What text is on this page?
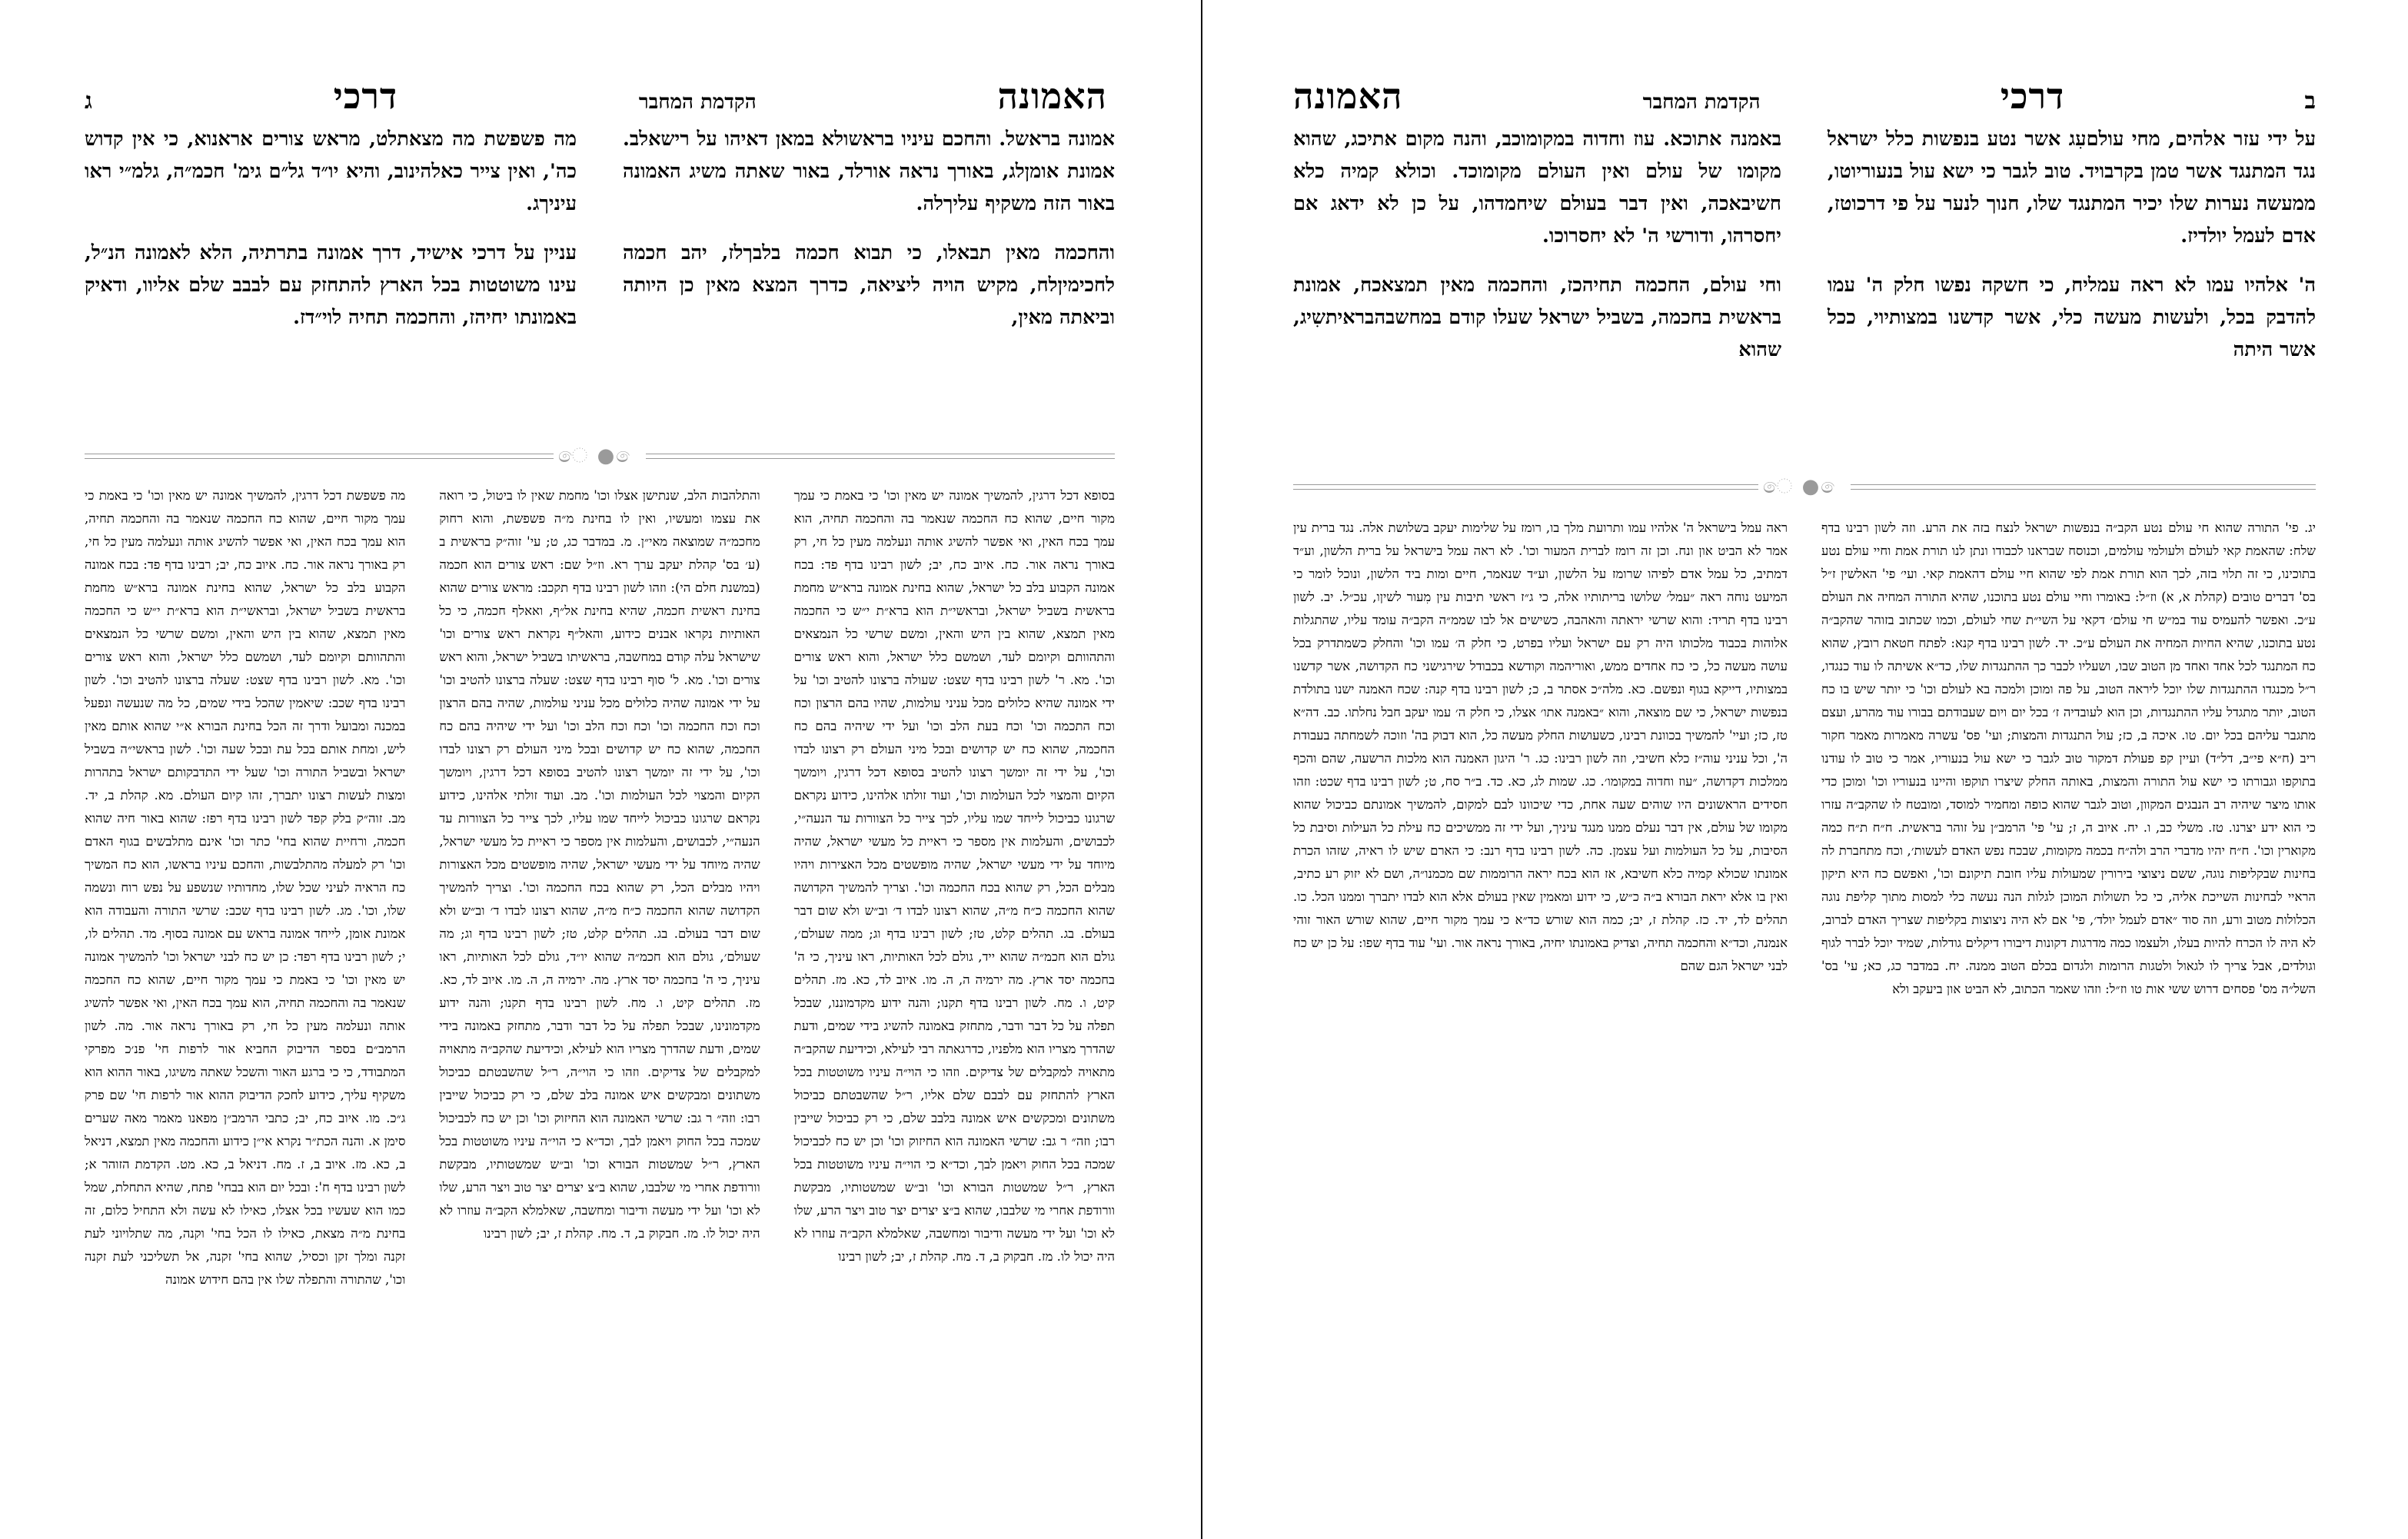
ב
דרכי
הקדמת המחבר
האמונה

על ידי עזר אלהים, מחי עולםעִג אשר נטע בנפשות כלל ישראל נגד המתנגד אשר טמן בקרבויד. טוב לגבר כי ישא עול בנעוריוטו, ממעשה נערות שלו יכיר המתנגד שלו, חנוך לנער על פי דרכוטז, אדם לעמל יולדיז.

ה' אלהיו עמו לא ראה עמליח, כי חשקה נפשו חלק ה' עמו להדבק בכל, ולעשות מעשה כלי, אשר קדשנו במצותיוי, ככל אשר היתה

באמנה אתוכא. עוז וחדוה במקומוכב, והנה מקום אתיכג, שהוא מקומו של עולם ואין העולם מקומוכד. וכולא קמיה כלא חשיבאכה, ואין דבר בעולם שיחמדהו, על כן לא ידאג אם יחסרהו, ודורשי ה' לא יחסרוכו.

וחי עולם, החכמה תחיהכז, והחכמה מאין תמצאכח, אמונת בראשית בחכמה, בשביל ישראל שעלו קודם במחשבהבראיתשִיג, שהוא

ෙ ● ෙ

יג. פי' התורה שהוא חי עולם נטע הקב״ה בנפשות ישראל לנצח בזה את הרע. וזה לשון רבינו בדף שלח: שהאמת קאי לעולם ולעולמי עולמים, וכנוסח שבראנו לכבודו ונתן לנו תורת אמת וחיי עולם נטע בתוכינו, כי זה תלוי בזה, לכך הוא תורת אמת לפי שהוא חיי עולם דהאמת קאי. ועי׳ פי' האלשין ז״ל בס' דברים טובים (קהלת א, א) וז״ל: באומרו וחיי עולם נטע בתוכנו, שהיא התורה המחיה את העולם ע״כ. ואפשר להעמיס עוד במ״ש חי עולם׳ דקאי על השי״ת שחי לעולם, וכמו שכתוב בזוהר שהקב״ה נטע בתוכנו, שהיא החיות המחיה את העולם ע״כ. יד. לשון רבינו בדף קנא: לפתח חטאת רובץ, שהוא כח המתנגד לכל אחד ואחד מן הטוב שבו, ושעליו לכבר כך ההתנגדות שלו, כד״א אשיתה לו עוד כנגדו, ר״ל מכנגדו ההתנגדות שלו יוכל ליראה הטוב, על פה ומוכן ולמכה בא לעולם וכו' כי יותר שיש בו כח הטוב, יותר מתגדל עליו ההתנגדות, וכן הוא לעובדיה ז׳ בכל יום ויום שעבודתם בבורו עוד מהרע, ועצם מתגבר עליהם בכל יום. טו. איכה ב, כז; עול התנגדות והמצות; ועי' פס' עשרה מאמרות מאמר חקור ריב (ח״א פי״ב, דל״ד) ועיין קפ פעולת דמקור טוב לגבר כי ישא עול בנעוריו, אמר כי טוב לו עודנו בתוקפו וגבורתו כי ישא עול התורה והמצות, באותה החלק שיצרו תוקפו והיינו בנעוריו וכו' ומוכן כדי אותו מיצר שיהיה רב הנבגים המקוון, וטוב לגבר שהוא כופה ומחמיר למוסד, ומובטח לו שהקב״ה עזרו כי הוא ידע יצרנו. טז. משלי כב, ו. יח. איוב ה, ז; עי' פי' הרמב״ן על זוהר בראשית. ח״ח ת״ח כמה מקוארין וכו'. ח״ח יהיו מדברי הרב ולה״ח בכמה מקומות, שבכח נפש האדם לעשות׳, וכח מתחברת לה בחינות שבקליפות נוגה, ששם ניצוצי בירורין שמעולות עליו חובת תיקונם וכו', ואפשם כח היא תיקון הראיי לבחינות השייכת אליה, כי כל תשולות המוכן לגלות הנה נעשה כלי למסות מתוך קליפת נוגה הכלולות מטוב ורע, וזה סוד ״אדם לעמל יולד׳, פי' אם לא היה ניצוצות בקליפות שצריך האדם לברוב, לא היה לו הכרח להיות בעלו, ולעצמו כמה מדרגות דקונות דיבורו דיקלים גודלות, שמיד יוכל לברר לגוף וגולדים, אבל צריך לו לגאול ולטגות הרומות ולגדום בכלם הטוב ממנה. יח. במדבר כג, כא; עי' בס' השל״ה מס' פסחים דרוש ששי אות טו וז״ל: וזהו שאמר הכתוב, לא הביט און ביעקב ולא

ראה עמל בישראל ה' אלהיו עמו ותרועת מלך בו, רומז על שלימות יעקב בשלושת אלה. נגד ברית עין אמר לא הביט און ונח. וכן זה רומז לברית המעור וכו'. לא ראה עמל בישראל על ברית הלשון, וע״ד דמתיב, כל עמל אדם לפיהו שרומז על הלשון, וע״ד שנאמר, חיים ומות ביד הלשון, ונוכל לומר כי המיעט נוחה ראה ״עמל׳ שלושו בריתותיו אלה, כי ג״ז ראשי תיבות עין מִעור לשיןו, עכ״ל. יב. לשון רבינו בדף תריד: והוא שרשי יראתה והאהבה, כשישים אל לבו שממ״ה הקב״ה עומד עליו, שהתגלות אלוהות בכבוד מלכותו היה רק עם ישראל ועליו בפרט, כי חלק ה׳ עמו וכו' והחלק כשמתדרק בכל עושה מעשה כל, כי כח אחדים ממש, ואוריהמה וקודשא בכבודל שירגישני כח הקדושה, אשר קדשנו במצותיו, דייקא בגוף ונפשם. כא. מלה״כ אסתר ב, כ; לשון רבינו בדף קנה: שכח האמנה ישנו בתולדת בנפשות ישראל, כי שם מוצאה, והוא ״באמנה אתו׳ אצלו, כי חלק ה׳ עמו יעקב חבל נחלתו. כב. דה״א טז, כז; ועיי' להמשיך בכוונת רבינו, כשעושות החלק מעשה כל, הוא דבוק בה' וזוכה לשמחתה בעבודת ה', וכל עניני עוה״ז כלא חשיבי, וזה לשון רבינו: כג. ר' היגון האמנה הוא מלכות הרשעה, שהם והכף ממלכות דקדושה, ״עוז וחדוה במקומו׳. כג. שמות לג, כא. כד. ב״ר סח, ט; לשון רבינו בדף שכט: וזהו חסידים הראשונים היו שוהים שעה אחת, כדי שיכוונו לבם למקום, להמשיך אמונתם כביכול שהוא מקומו של עולם, אין דבר נעלם ממנו מנגד עיניך, ועל ידי זה ממשיכים כח עילת כל העילות וסיבת כל הסיבות, על כל העולמות ועל עצמן. כה. לשון רבינו בדף רנב: כי הארם שיש לו ראיה, שזהו הכרת אמונתו שכולא קמיה כלא חשיבא, אז הוא בכח יראה הרוממות שם מכמנו״ה, ושם לא יזוק רע כתיב, ואין בו אלא יראת הבורא ב״ה כ״ש, כי ידוע ומאמין שאין בעולם אלא הוא לבדו יתברך וממנו הכל. כו. תהלים לד, יד. כז. קהלת ז, יב; כמה הוא שורש כד״א כי עמך מקור חיים, שהוא שורש האור זוהי אנמנה, וכד״א והחכמה תחיה, וצדיק באמונתו יחיה, באורך נראה אור. ועי' עוד בדף שפו: על כן יש כח לבני ישראל הגם שהם

האמונה
הקדמת המחבר
דרכי
ג

אמונה בראשל. והחכם עיניו בראשולא במאן דאיהו על רישאלב. אמונת אומןלג, באורך נראה אורלד, באור שאתה משיג האמונה באור הזה משקיף עליךלה.

והחכמה מאין תבאלו, כי תבוא חכמה בלבךלז, יהב חכמה לחכימיןלח, מקיש הויה ליציאה, כדרך המצא מאין כן היותה וביאתה מאין,

מה פשפשת מה מצאתלט, מראש צורים אראנוא, כי אין קדוש כה', ואין צייר כאלהינוב, והיא יו״ד גל״ם גימ' חכמ״ה, גלמ״י ראו עיניךג.

עניין על דרכי אישיד, דרך אמונה בתרתיה, הלא לאמונה הנ״ל, עינו משוטטות בכל הארץ להתחזק עם לבבב שלם אליוו, ודאיק באמונתו יחיהז, והחכמה תחיה לוי״דז.

ෙ ● ෙ

בסופא דכל דרגין, להמשיך אמונה יש מאין וכו' כי באמת כי עמך מקור חיים, שהוא כח החכמה שנאמר בה והחכמה תחיה, הוא עמך בכח האין, ואי אפשר להשיג אותה ונעלמה מעין כל חי, רק באורך נראה אור. כח. איוב כח, יב; לשון רבינו בדף פד: בכח אמונה הקבוע בלב כל ישראל, שהוא בחינת אמונה ברא״ש מחמת בראשית בשביל ישראל, ובראשי״ת הוא ברא״ת י״ש כי החכמה מאין תמצא, שהוא בין היש והאין, ומשם שרשי כל הנמצאים והתהוותם וקיומם לעד, ושמשם כלל ישראל, והוא ראש צורים וכו'. מא. ר' לשון רבינו בדף שצט: שעולה ברצונו להטיב וכו' על ידי אמונה שהיא כלולים מכל עניני עולמות, שהיו בהם הרצון וכח וכח התכמה וכו' וכח בעת הלב וכו' ועל ידי שיהיה בהם כח החכמה, שהוא כח יש קדושים ובכל מיני העולם רק רצונו לבדו וכו', על ידי זה יומשך רצונו להטיב בסופא דכל דרגין, ויומשך הקיום והמצוי לכל העולמות וכו', ועוד זולתו אלהינו, כידוע נקראם שרגונו כביכול לייחד שמו עליו, לכך צייר כל הצוורות עד הנעה״י, לכבושים, והעלמות אין מספר כי ראיית כל מעשי ישראל, שהיה מיוחד על ידי מעשי ישראל, שהיה מופשטים מכל האצירות ויהיו מבלים הכל, רק שהוא בכח החכמה וכו'. וצריך להמשיך הקדושה שהוא החכמה כ״ח מ״ה, שהוא רצונו לבדו ד׳ וב״ש ולא שום דבר בעולם. בג. תהלים קלט, טז; לשון רבינו בדף וג; ממה שעולם׳, גולם הוא חכמ״ה שהוא ייד, גולם לכל האותיות, ראו עיניך, כי ה' בחכמה יסד ארץ. מה ירמיה ה, ה. מו. איוב לד, כא. מז. תהלים קיט, ו. מח. לשון רבינו בדף תקנו; והנה ידוע מקדמוננו, שבכל תפלה על כל דבר ודבר, מתחזק באמונה להשיג בידי שמים, ודעת שהדרך מצריו הוא מלפניו, כדרגאתה רבי לעילא, וכידיעת שהקב״ה מתאויה למקבלים של צדיקים. וזהו כי הוי״ה עיניו משוטטות בכל הארץ להתחזק עם לבבם שלם אליו, ר״ל שהשבטתם כביכול משתונים ומכקשים איש אמונה בלבב שלם, כי רק כביכול שייבין רבו; וזה״ ר גב: שרשי האמונה הוא החיזוק וכו' וכן יש כח לכביכול שמכה בכל החוק ויאמן לבך, וכד״א כי הוי״ה עיניו משוטטות בכל הארץ, ר״ל שמשטות הבורא וכו' וב״ש שמשטותיו, מבקשת וורודפת אחרי מי שלבבו, שהוא ב״צ יצרים יצר טוב ויצר הרע, שלו לא וכו' ועל ידי מעשה ודיבור ומחשבה, שאלמלא הקב״ה עוזרו לא היה יכול לו. מז. חבקוק ב, ד. מח. קהלת ז, יב; לשון רבינו

והתלהבות הלב, שנתישן אצלו וכו' מחמת שאין לו ביטול, כי רואה את עצמו ומעשיו, ואין לו בחינת מ״ה פשפשת, והוא רחוק מחכמ״ה שמוצאה מאי״ן. מ. במדבר כג, ט; עי' זוה״ק בראשית ב (ע׳ בס' קהלת יעקב ערך רא. וז״ל שם: ראש צורים הוא חכמה (במשנת חלם הי): וזהו לשון רבינו בדף תקכב: מראש צורים שהוא בחינת ראשית חכמה, שהיא בחינת אל״ף, ואאלף חכמה, כי כל האותיות נקראו אבנים כידוע, והאל״ף נקראת ראש צורים וכו' שישראל עלה קודם במחשבה, בראשיתו בשביל ישראל, והוא ראש צורים וכו'. מא. ל' סוף רבינו בדף שצט: שעלה ברצונו להטיב וכו' על ידי אמונה שהיה כלולים מכל עניני עולמות, שהיה בהם הרצון וכח וכח החכמה וכו' וכח וכח הלב וכו' ועל ידי שיהיה בהם כח החכמה, שהוא כח יש קדושים ובכל מיני העולם רק רצונו לבדו וכו', על ידי זה יומשך רצונו להטיב בסופא דכל דרגין, ויומשך הקיום והמצוי לכל העולמות וכו'. מב. ועוד זולתי אלהינו, כידוע נקראם שרגונו כביכול לייחד שמו עליו, לכך צייר כל הצוורות עד הנעה״י, לכבושים, והעלמות אין מספר כי ראיית כל מעשי ישראל, שהיה מיוחד על ידי מעשי ישראל, שהיה מופשטים מכל האצורות ויהיו מבלים הכל, רק שהוא בכח החכמה וכו'. וצריך להמשיך הקדושה שהוא החכמה כ״ח מ״ה, שהוא רצונו לבדו ד׳ וב״ש ולא שום דבר בעולם. בג. תהלים קלט, טז; לשון רבינו בדף וג; מה שעולם׳, גולם הוא חכמ״ה שהוא יו״ד, גולם לכל האותיות, ראו עיניך, כי ה' בחכמה יסד ארץ. מה. ירמיה ה, ה. מו. איוב לד, כא. מז. תהלים קיט, ו. מח. לשון רבינו בדף תקנו; והנה ידוע מקדמונינו, שבכל תפלה על כל דבר ודבר, מתחזק באמונה בידי שמים, ודעת שהדרך מצריו הוא לעילא, וכידיעת שהקב״ה מתאויה למקבלים של צדיקים. וזהו כי הוי״ה, ר״ל שהשבטתם כביכול משתונים ומבקשים איש אמונה בלב שלם, כי רק כביכול שייבין רבו: וזה״ ר גב: שרשי האמונה הוא החיזוק וכו' וכן יש כח לכביכול שמכה בכל החוק ויאמן לבך, וכד״א כי הוי״ה עיניו משוטטות בכל הארץ, ר״ל שמשטות הבורא וכו' וב״ש שמשטותיו, מבקשת וורודפת אחרי מי שלבבו, שהוא ב״צ יצרים יצר טוב ויצר הרע, שלו לא וכו' ועל ידי מעשה ודיבור ומחשבה, שאלמלא הקב״ה עוזרו לא היה יכול לו. מז. חבקוק ב, ד. מח. קהלת ז, יב; לשון רבינו

מה פשפשת דכל דרגין, להמשיך אמונה יש מאין וכו' כי באמת כי עמך מקור חיים, שהוא כח החכמה שנאמר בה והחכמה תחיה, הוא עמך בכח האין, ואי אפשר להשיג אותה ונעלמה מעין כל חי, רק באורך נראה אור. כח. איוב כח, יב; רבינו בדף פד: בכח אמונה הקבוע בלב כל ישראל, שהוא בחינת אמונה ברא״ש מחמת בראשית בשביל ישראל, ובראשי״ת הוא ברא״ת י״ש כי החכמה מאין תמצא, שהוא בין היש והאין, ומשם שרשי כל הנמצאים והתהוותם וקיומם לעד, ושמשם כלל ישראל, והוא ראש צורים וכו'. מא. לשון רבינו בדף שצט: שעלה ברצונו להטיב וכו'. לשון רבינו בדף שכב: שיאמין שהכל בידי שמים, כל מה שנעשה ונפעל במכנה ומבועל ודרך זה הכל בחינת הבורא א״י שהוא אותם מאין ליש, ומחת אותם בכל עת ובכל שעה וכו'. לשון בראשי״ה בשביל ישראל ובשביל התורה וכו' שעל ידי התדבקותם ישראל בתהרות ומצות לעשות רצונו יתברך, זהו קיום העולם. מא. קהלת ב, יד. מב. זוה״ק בלק קפד לשון רבינו בדף רפז: שהוא באור חיה שהוא חכמה, ורחיית שהוא בחי' כתר וכו' אינם מתלבשים בגוף האדם וכו' רק למעלה מהתלבשות, והחכם עיניו בראשו, הוא כח המשיך כח הראיה לעיני שכל שלו, מחדותיו שנשפע על נפש רוח ונשמה שלו, וכו'. מג. לשון רבינו בדף שכב: שרשי התורה והעבודה הוא אמונת אומן, לייחד אמונה בראש עם אמונה בסוף. מד. תהלים לו, י; לשון רבינו בדף רפד: כן יש כח לבני ישראל וכו' להמשיך אמונה יש מאין וכו' כי באמת כי עמך מקור חיים, שהוא כח החכמה שנאמר בה והחכמה תחיה, הוא עמך בכח האין, ואי אפשר להשיג אותה ונעלמה מעין כל חי, רק באורך נראה אור. מה. לשון הרמב״ם בספר הדיבוק החביא אור לרפות חי' פנ׳כ מפרקי המתבודד, כי כי ברגע האור והשכל שאתה משיגו, באור ההוא הוא משקיף עליך, כידוע לחכק הדיבוק ההוא אור לרפות חי' שם פרק ג״כ. מו. איוב כח, יב; כתבי הרמב״ן מפאנו מאמר מאה שערים סימן א. והנה הכת״ר נקרא אי״ן כידוע והחכמה מאין תמצא, דניאל ב, כא. מז. איוב ב, ז. מח. דניאל ב, כא. מט. הקדמת הזוהר א; לשון רבינו בדף ח': ובכל יום הוא בבחי' פתח, שהיא התחלת, שמל כמו הוא שעשיו בכל אצלו, כאילו לא עשה ולא התחיל כלום, זה בחינת מ״ה מצאת, כאילו לו הכל בחי' וקנה, מה שתלויוני לעת זקנה ומלך זקן וכסיל, שהוא בחי' זקנה, אל תשליכני לעת זקנה וכו', שהתורה והתפלה שלו אין בהם חידוש אמונה
